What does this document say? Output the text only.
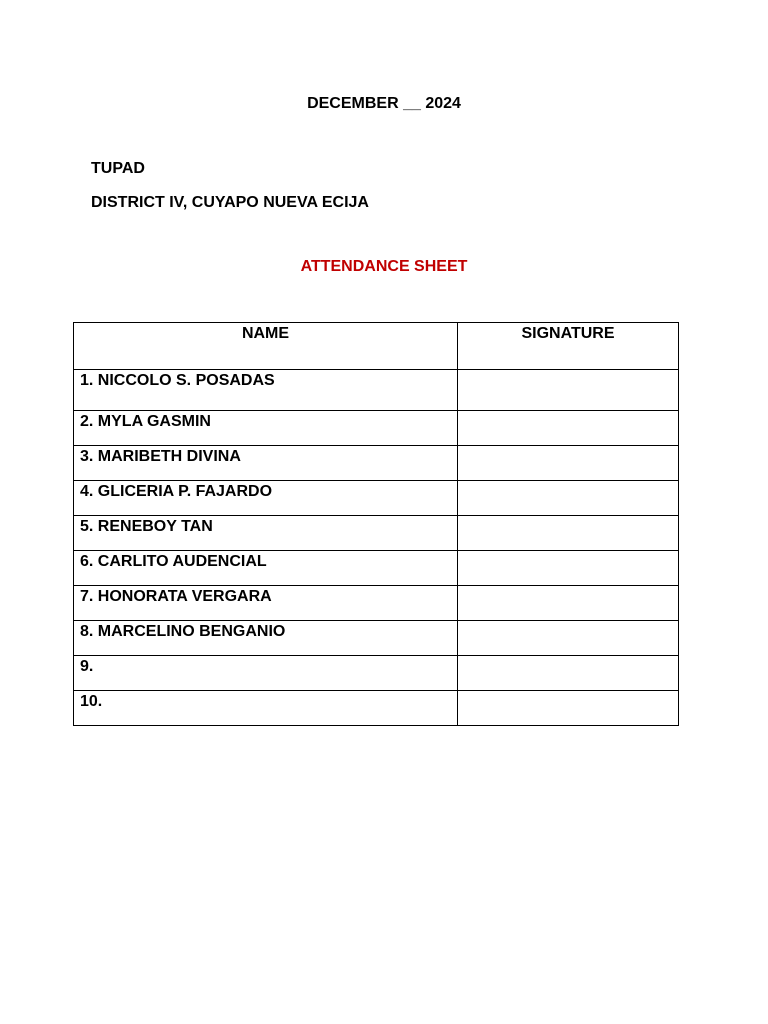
DECEMBER __ 2024
TUPAD
DISTRICT IV, CUYAPO NUEVA ECIJA
ATTENDANCE SHEET
NAME	SIGNATURE
1. NICCOLO S. POSADAS	
2. MYLA GASMIN	
3. MARIBETH DIVINA	
4. GLICERIA P. FAJARDO	
5. RENEBOY TAN	
6. CARLITO AUDENCIAL	
7. HONORATA VERGARA	
8. MARCELINO BENGANIO	
9.	
10.	
